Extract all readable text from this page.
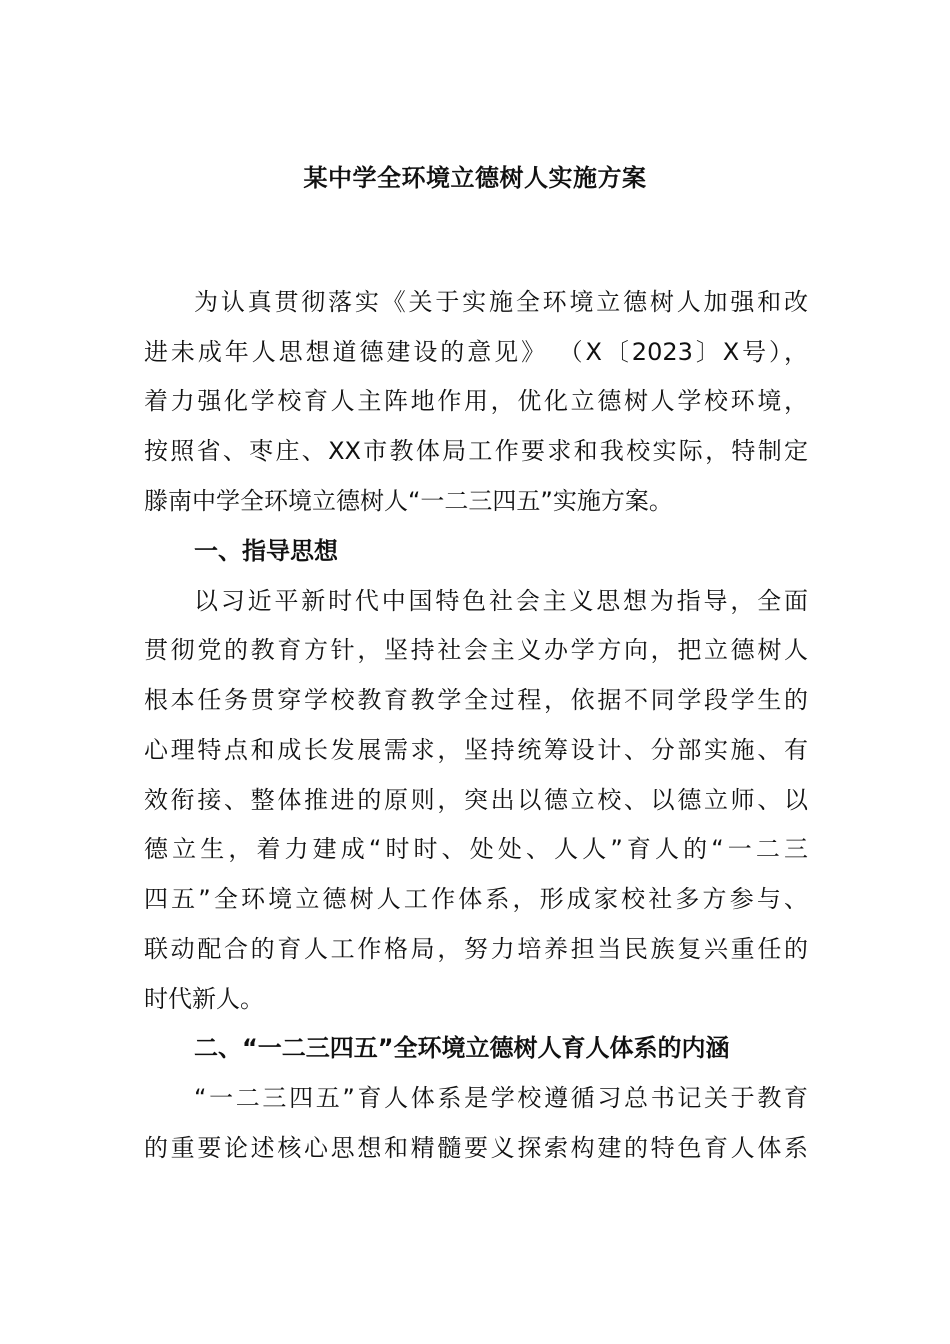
某中学全环境立德树人实施方案
为认真贯彻落实《关于实施全环境立德树人加强和改
进未成年人思想道德建设的意见》 （X〔2023〕X号），
着力强化学校育人主阵地作用，优化立德树人学校环境，
按照省、枣庄、XX市教体局工作要求和我校实际，特制定
滕南中学全环境立德树人“一二三四五”实施方案。
一、指导思想
以习近平新时代中国特色社会主义思想为指导，全面
贯彻党的教育方针，坚持社会主义办学方向，把立德树人
根本任务贯穿学校教育教学全过程，依据不同学段学生的
心理特点和成长发展需求，坚持统筹设计、分部实施、有
效衔接、整体推进的原则，突出以德立校、以德立师、以
德立生，着力建成“时时、处处、人人”育人的“一二三
四五”全环境立德树人工作体系，形成家校社多方参与、
联动配合的育人工作格局，努力培养担当民族复兴重任的
时代新人。
二、“一二三四五”全环境立德树人育人体系的内涵
“一二三四五”育人体系是学校遵循习总书记关于教育
的重要论述核心思想和精髓要义探索构建的特色育人体系
